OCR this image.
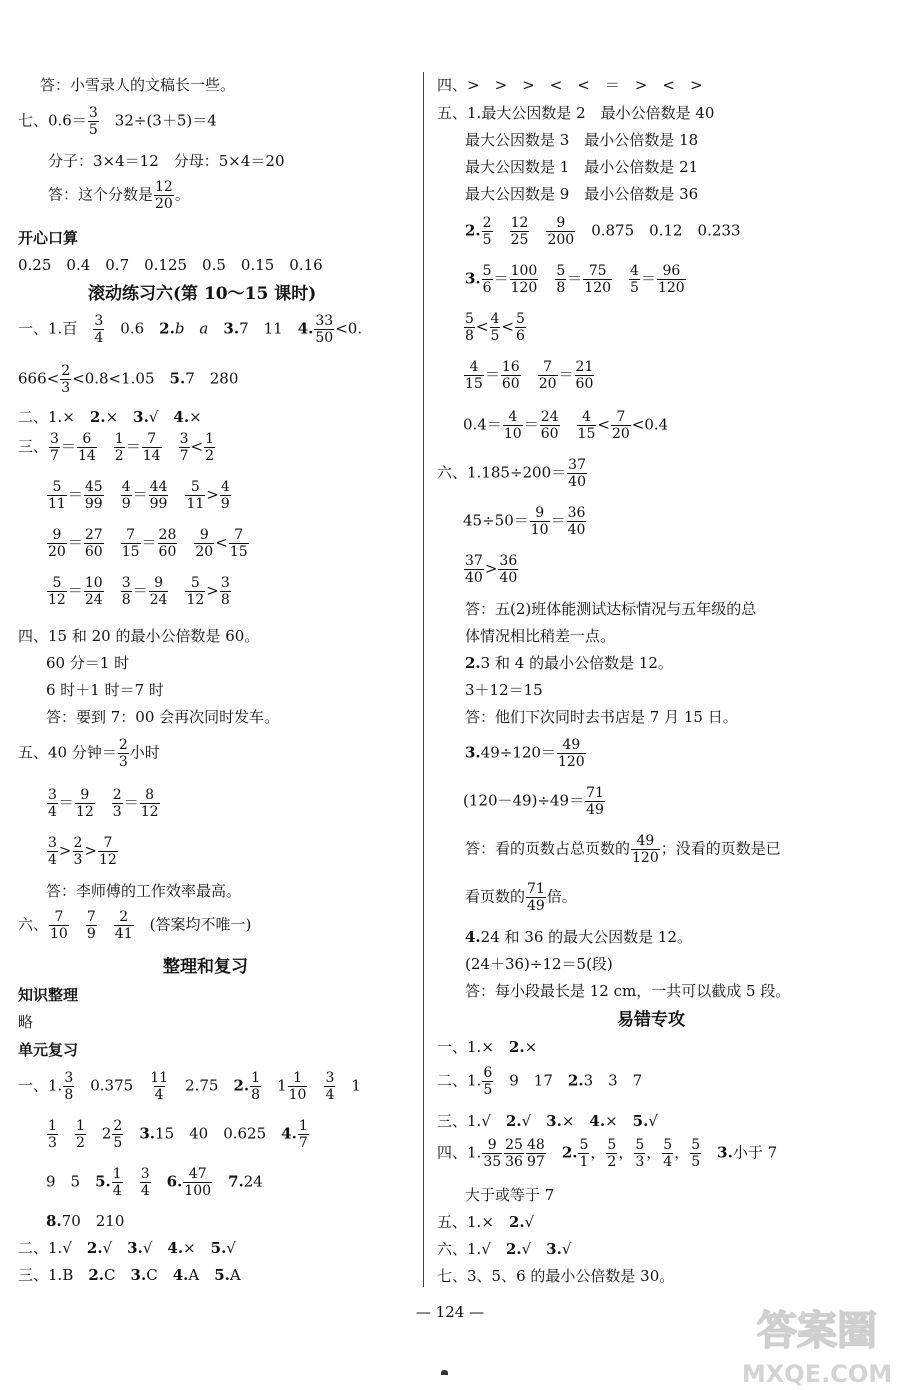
答：小雪录人的文稿长一些。
七、$0.6= \frac{3}{5}$
　 32÷(3＋5)＝4
分子：3×4＝12　分母：5×4＝20
答：这个分数是 $\frac{12}{20}$ 。
开心口算
0.25　0.4　0.7　0.125　0.5　0.15　0.16
滚动练习六(第 10～15 课时)
一、1.百　 $\frac{3}{4}$
　 0.6　 2.b　a　 3.7　11　 4. $\frac{33}{50} <0$.
$666< \frac{2}{3} <0.8<1.05$　 5.7　280
二、1.×　 2.×　 3.√　 4.×
三、 $\frac{3}{7} = \frac{6}{14}$
　 $\frac{1}{2} = \frac{7}{14}$
　 $\frac{3}{7} < \frac{1}{2}$
$\frac{5}{11} = \frac{45}{99}$
　 $\frac{4}{9} = \frac{44}{99}$
　 $\frac{5}{11} > \frac{4}{9}$
$\frac{9}{20} = \frac{27}{60}$
　 $\frac{7}{15} = \frac{28}{60}$
　 $\frac{9}{20} < \frac{7}{15}$
$\frac{5}{12} = \frac{10}{24}$
　 $\frac{3}{8} = \frac{9}{24}$
　 $\frac{5}{12} > \frac{3}{8}$
四、15 和 20 的最小公倍数是 60。
60 分＝1 时
6 时＋1 时＝7 时
答：要到 7：00 会再次同时发车。
五、40 分钟＝ $\frac{2}{3}$ 小时
$\frac{3}{4} = \frac{9}{12}$
　 $\frac{2}{3} = \frac{8}{12}$
$\frac{3}{4} > \frac{2}{3} > \frac{7}{12}$
答：李师傅的工作效率最高。
六、 $\frac{7}{10}$
　 $\frac{7}{9}$
　 $\frac{2}{41}$
　 (答案均不唯一)
整理和复习
知识整理
略
单元复习
一、1. $\frac{3}{8}$
　 0.375　 $\frac{11}{4}$
　 2.75　 2. $\frac{1}{8}$
　 $1 \frac{1}{10}$
　 $\frac{3}{4}$
　 1
$\frac{1}{3}$
　 $\frac{1}{2}$
　 $2 \frac{2}{5}$
　 3.15　40　0.625　 4. $\frac{1}{7}$
9　5　 5. $\frac{1}{4}$
　 $\frac{3}{4}$
　 6. $\frac{47}{100}$
　 7.24
8.70　210
二、1.√　 2.√　 3.√　 4.×　 5.√
三、1.B　 2.C　 3.C　 4.A　 5.A
四、>　>　>　<　<　＝　>　<　>
五、1.最大公因数是 2　最小公倍数是 40
最大公因数是 3　最小公倍数是 18
最大公因数是 1　最小公倍数是 21
最大公因数是 9　最小公倍数是 36
2. $\frac{2}{5}$
　 $\frac{12}{25}$
　 $\frac{9}{200}$
　 0.875　0.12　0.233
3. $\frac{5}{6} = \frac{100}{120}$
　 $\frac{5}{8} = \frac{75}{120}$
　 $\frac{4}{5} = \frac{96}{120}$
$\frac{5}{8} < \frac{4}{5} < \frac{5}{6}$
$\frac{4}{15} = \frac{16}{60}$
　 $\frac{7}{20} = \frac{21}{60}$
$0.4= \frac{4}{10} = \frac{24}{60}$
　 $\frac{4}{15} < \frac{7}{20} <0.4$
六、$1.185\div 200= \frac{37}{40}$
$45\div 50= \frac{9}{10} = \frac{36}{40}$
$\frac{37}{40} > \frac{36}{40}$
答：五(2)班体能测试达标情况与五年级的总
体情况相比稍差一点。
2.3 和 4 的最小公倍数是 12。
3＋12＝15
答：他们下次同时去书店是 7 月 15 日。
$3.49\div 120= \frac{49}{120}$
$(120-49)\div 49= \frac{71}{49}$
答：看的页数占总页数的 $\frac{49}{120}$ ；没看的页数是已
看页数的 $\frac{71}{49}$ 倍。
4.24 和 36 的最大公因数是 12。
(24＋36)÷12＝5(段)
答：每小段最长是 12 cm，一共可以截成 5 段。
易错专攻
一、1.×　 2.×
二、1. $\frac{6}{5}$
　 9　17　 2.3　3　7
三、1.√　 2.√　 3.×　 4.×　 5.√
四、1. $\frac{9}{35} \frac{25}{36} \frac{48}{97}$
　 2. $\frac{5}{1}$ ， $\frac{5}{2}$ ， $\frac{5}{3}$ ， $\frac{5}{4}$ ， $\frac{5}{5}$
　 3.小于 7
大于或等于 7
五、1.×　 2.√
六、1.√　 2.√　 3.√
七、3、5、6 的最小公倍数是 30。
— 124 —	答案圈
MXQE.COM
